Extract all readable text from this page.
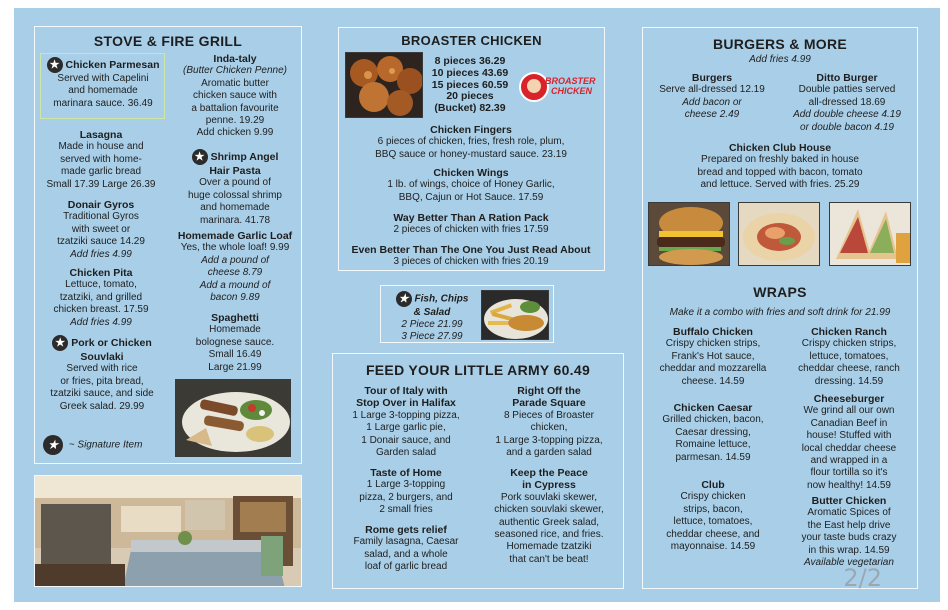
STOVE & FIRE GRILL
★ Chicken Parmesan
Served with Capelini
and homemade
marinara sauce. 36.49
Lasagna
Made in house and
served with home-
made garlic bread
Small 17.39 Large 26.39
Donair Gyros
Traditional Gyros
with sweet or
tzatziki sauce 14.29
Add fries 4.99
Chicken Pita
Lettuce, tomato,
tzatziki, and grilled
chicken breast. 17.59
Add fries 4.99
★ Pork or Chicken
Souvlaki
Served with rice
or fries, pita bread,
tzatziki sauce, and side
Greek salad. 29.99
★ ~ Signature Item
Inda-taly
(Butter Chicken Penne)
Aromatic butter
chicken sauce with
a battalion favourite
penne. 19.29
Add chicken 9.99
★ Shrimp Angel
Hair Pasta
Over a pound of
huge colossal shrimp
and homemade
marinara. 41.78
Homemade Garlic Loaf
Yes, the whole loaf! 9.99
Add a pound of
cheese 8.79
Add a mound of
bacon 9.89
Spaghetti
Homemade
bolognese sauce.
Small 16.49
Large 21.99
BROASTER CHICKEN
8 pieces 36.29
10 pieces 43.69
15 pieces 60.59
20 pieces
(Bucket) 82.39
BROASTER
CHICKEN
Chicken Fingers
6 pieces of chicken, fries, fresh role, plum,
BBQ sauce or honey-mustard sauce. 23.19
Chicken Wings
1 lb. of wings, choice of Honey Garlic,
BBQ, Cajun or Hot Sauce. 17.59
Way Better Than A Ration Pack
2 pieces of chicken with fries 17.59
Even Better Than The One You Just Read About
3 pieces of chicken with fries 20.19
★ Fish, Chips
& Salad
2 Piece 21.99
3 Piece 27.99
FEED YOUR LITTLE ARMY 60.49
Tour of Italy with
Stop Over in Halifax
1 Large 3-topping pizza,
1 Large garlic pie,
1 Donair sauce, and
Garden salad
Taste of Home
1 Large 3-topping
pizza, 2 burgers, and
2 small fries
Rome gets relief
Family lasagna, Caesar
salad, and a whole
loaf of garlic bread
Right Off the
Parade Square
8 Pieces of Broaster
chicken,
1 Large 3-topping pizza,
and a garden salad
Keep the Peace
in Cypress
Pork souvlaki skewer,
chicken souvlaki skewer,
authentic Greek salad,
seasoned rice, and fries.
Homemade tzatziki
that can't be beat!
BURGERS & MORE
Add fries 4.99
Burgers
Serve all-dressed 12.19
Add bacon or
cheese 2.49
Ditto Burger
Double patties served
all-dressed 18.69
Add double cheese 4.19
or double bacon 4.19
Chicken Club House
Prepared on freshly baked in house
bread and topped with bacon, tomato
and lettuce. Served with fries. 25.29
WRAPS
Make it a combo with fries and soft drink for 21.99
Buffalo Chicken
Crispy chicken strips,
Frank's Hot sauce,
cheddar and mozzarella
cheese. 14.59
Chicken Caesar
Grilled chicken, bacon,
Caesar dressing,
Romaine lettuce,
parmesan. 14.59
Club
Crispy chicken
strips, bacon,
lettuce, tomatoes,
cheddar cheese, and
mayonnaise. 14.59
Chicken Ranch
Crispy chicken strips,
lettuce, tomatoes,
cheddar cheese, ranch
dressing. 14.59
Cheeseburger
We grind all our own
Canadian Beef in
house! Stuffed with
local cheddar cheese
and wrapped in a
flour tortilla so it's
now healthy! 14.59
Butter Chicken
Aromatic Spices of
the East help drive
your taste buds crazy
in this wrap. 14.59
Available vegetarian
2/2
